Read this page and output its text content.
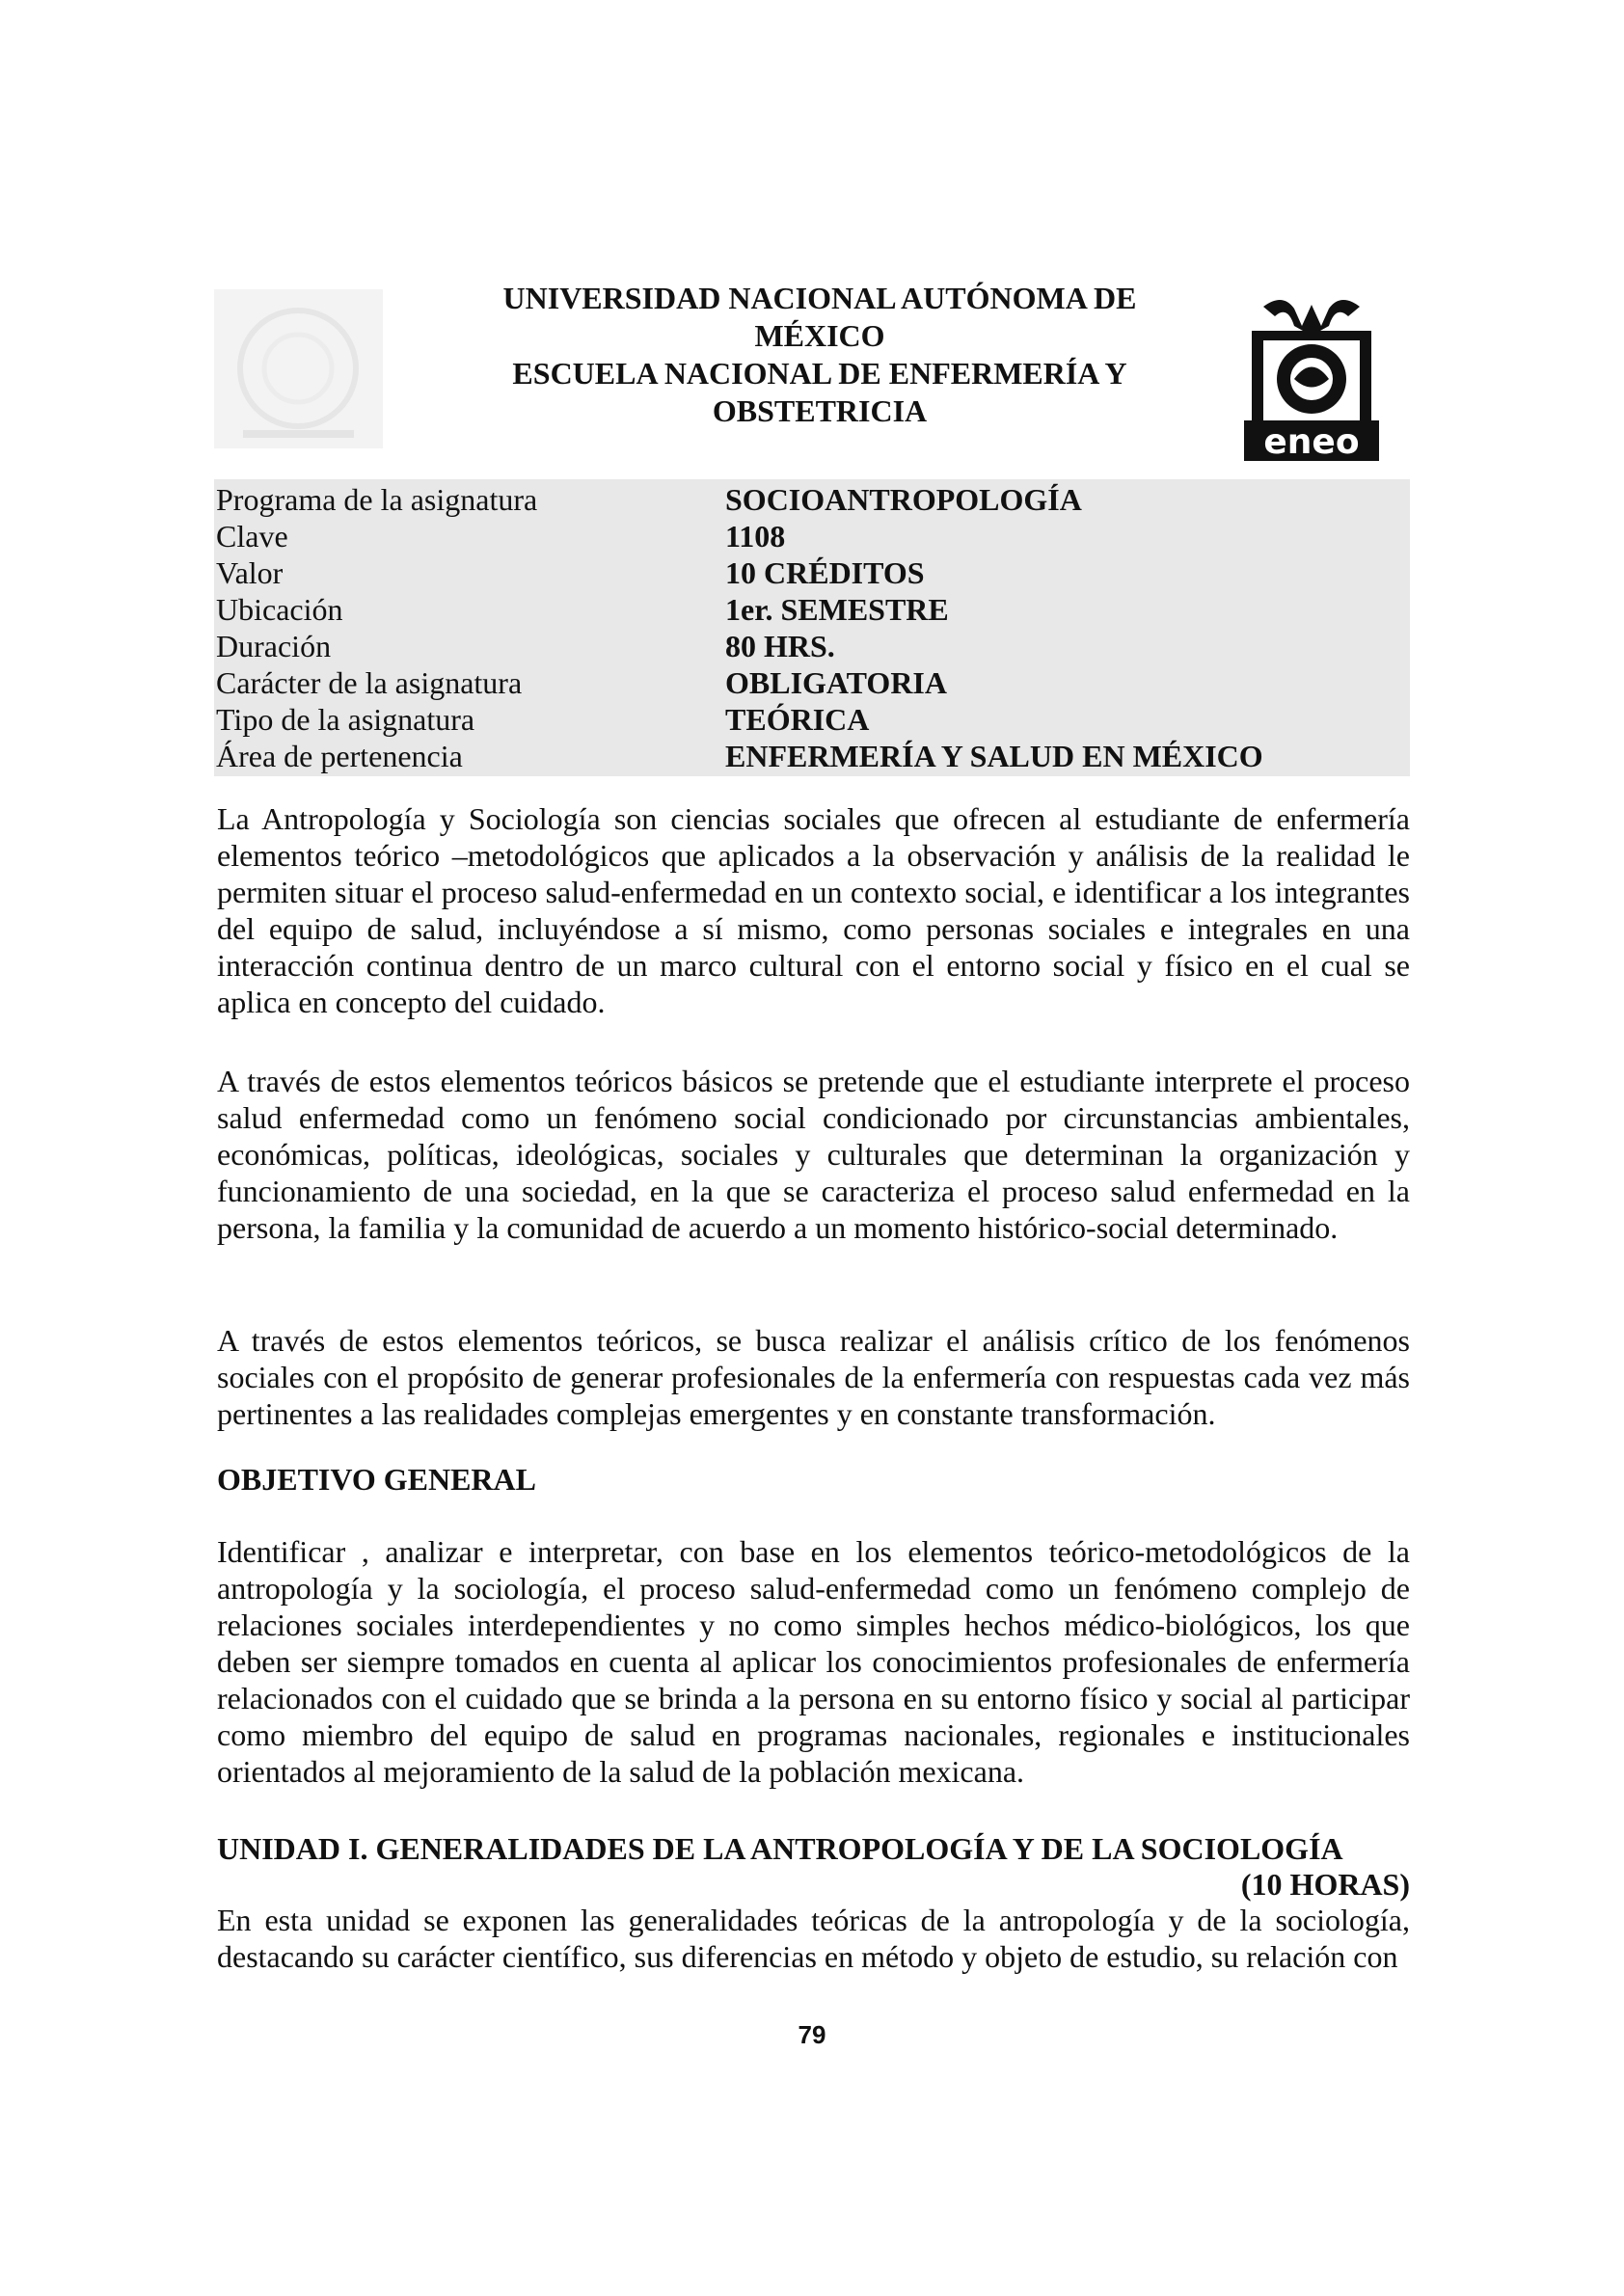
UNIVERSIDAD NACIONAL AUTÓNOMA DE
MÉXICO
ESCUELA NACIONAL DE ENFERMERÍA Y
OBSTETRICIA
eneo
Programa de la asignatura	SOCIOANTROPOLOGÍA
Clave	1108
Valor	10 CRÉDITOS
Ubicación	1er. SEMESTRE
Duración	80 HRS.
Carácter de la asignatura	OBLIGATORIA
Tipo de la asignatura	TEÓRICA
Área de pertenencia	ENFERMERÍA Y SALUD EN MÉXICO

La Antropología y Sociología son ciencias sociales que ofrecen al estudiante de enfermería elementos teórico –metodológicos que aplicados a la observación y análisis de la realidad le permiten situar el proceso salud-enfermedad en un contexto social, e identificar a los integrantes del equipo de salud, incluyéndose a sí mismo, como personas sociales e integrales en una interacción continua dentro de un marco cultural con el entorno social y físico en el cual se aplica en concepto del cuidado.

A través de estos elementos teóricos básicos se pretende que el estudiante interprete el proceso salud enfermedad como un fenómeno social condicionado por circunstancias ambientales, económicas, políticas, ideológicas, sociales y culturales que determinan la organización y funcionamiento de una sociedad, en la que se caracteriza el proceso salud enfermedad en la persona, la familia y la comunidad de acuerdo a un momento histórico-social determinado.

A través de estos elementos teóricos, se busca realizar el análisis crítico de los fenómenos sociales con el propósito de generar profesionales de la enfermería con respuestas cada vez más pertinentes a las realidades complejas emergentes y en constante transformación.

OBJETIVO GENERAL

Identificar , analizar e interpretar, con base en los elementos teórico-metodológicos de la antropología y la sociología, el proceso salud-enfermedad como un fenómeno complejo de relaciones sociales interdependientes y no como simples hechos médico-biológicos, los que deben ser siempre tomados en cuenta al aplicar los conocimientos profesionales de enfermería relacionados con el cuidado que se brinda a la persona en su entorno físico y social al participar como miembro del equipo de salud en programas nacionales, regionales e institucionales orientados al mejoramiento de la salud de la población mexicana.

UNIDAD I. GENERALIDADES DE LA ANTROPOLOGÍA Y DE LA SOCIOLOGÍA
(10 HORAS)

En esta unidad se exponen las generalidades teóricas de la antropología y de la sociología, destacando su carácter científico, sus diferencias en método y objeto de estudio, su relación con

79
